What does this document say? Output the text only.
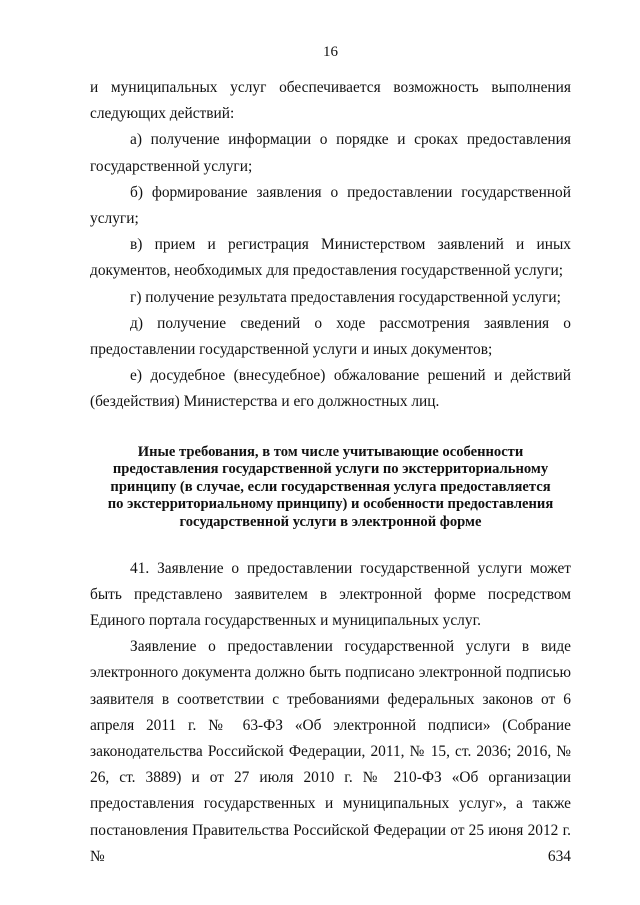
16

и муниципальных услуг обеспечивается возможность выполнения следующих действий:

а) получение информации о порядке и сроках предоставления государственной услуги;

б) формирование заявления о предоставлении государственной услуги;

в) прием и регистрация Министерством заявлений и иных документов, необходимых для предоставления государственной услуги;

г) получение результата предоставления государственной услуги;

д) получение сведений о ходе рассмотрения заявления о предоставлении государственной услуги и иных документов;

е) досудебное (внесудебное) обжалование решений и действий (бездействия) Министерства и его должностных лиц.

Иные требования, в том числе учитывающие особенности
предоставления государственной услуги по экстерриториальному
принципу (в случае, если государственная услуга предоставляется
по экстерриториальному принципу) и особенности предоставления
государственной услуги в электронной форме

41. Заявление о предоставлении государственной услуги может быть представлено заявителем в электронной форме посредством Единого портала государственных и муниципальных услуг.

Заявление о предоставлении государственной услуги в виде электронного документа должно быть подписано электронной подписью заявителя в соответствии с требованиями федеральных законов от 6 апреля 2011 г. № 63-ФЗ «Об электронной подписи» (Собрание законодательства Российской Федерации, 2011, № 15, ст. 2036; 2016, № 26, ст. 3889) и от 27 июля 2010 г. № 210-ФЗ «Об организации предоставления государственных и муниципальных услуг», а также постановления Правительства Российской Федерации от 25 июня 2012 г. № 634
